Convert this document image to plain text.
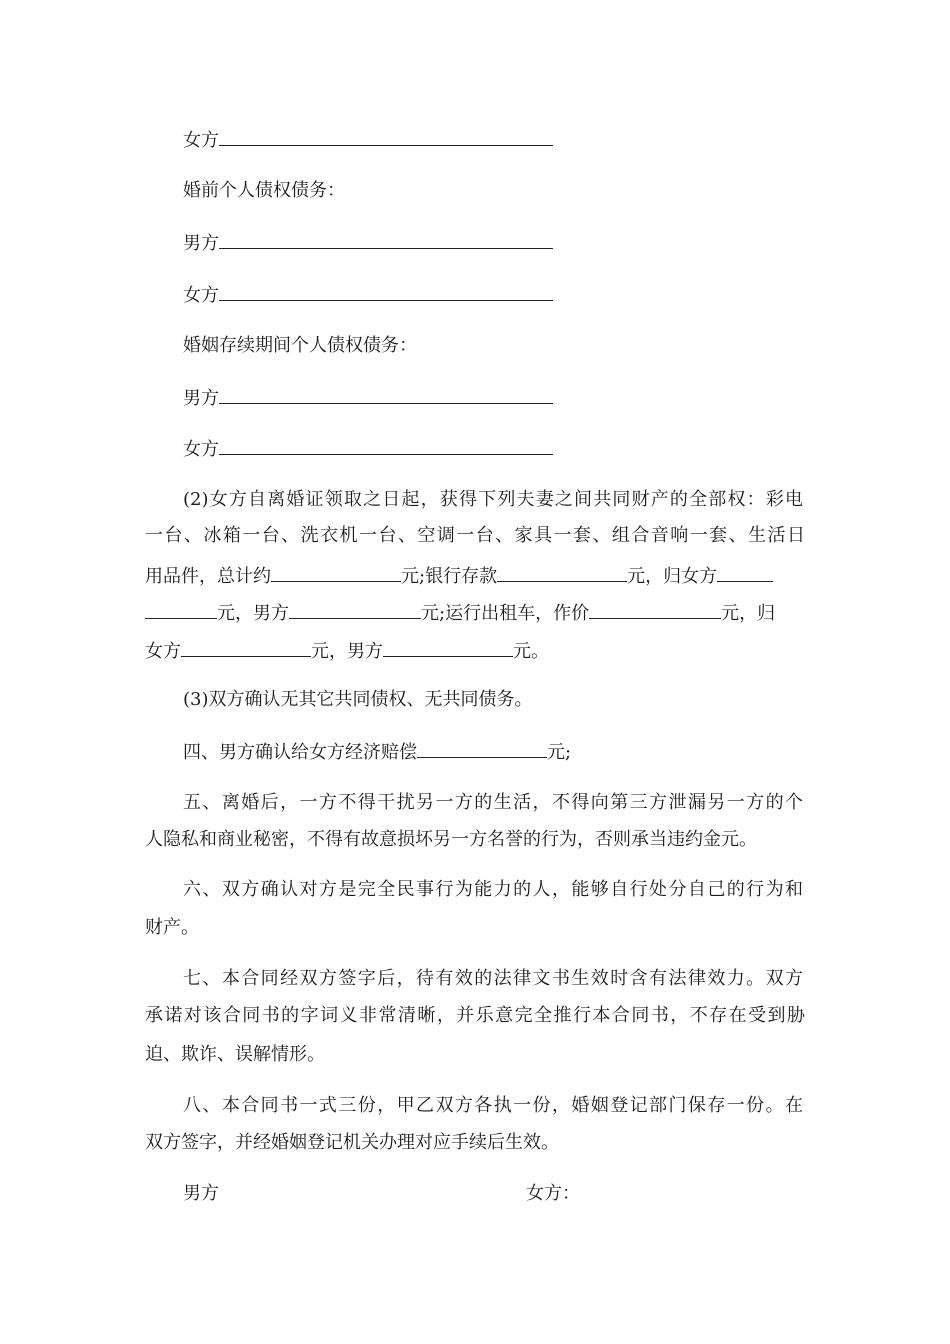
女方
婚前个人债权债务：
男方
女方
婚姻存续期间个人债权债务：
男方
女方
(2)女方自离婚证领取之日起，获得下列夫妻之间共同财产的全部权：彩电
一台、冰箱一台、洗衣机一台、空调一台、家具一套、组合音响一套、生活日
用品件，总计约	元;银行存款	元，归女方
元，男方	元;运行出租车，作价	元，归
女方	元，男方	元。
(3)双方确认无其它共同债权、无共同债务。
四、男方确认给女方经济赔偿	元;
五、离婚后，一方不得干扰另一方的生活，不得向第三方泄漏另一方的个
人隐私和商业秘密，不得有故意损坏另一方名誉的行为，否则承当违约金元。
六、双方确认对方是完全民事行为能力的人，能够自行处分自己的行为和
财产。
七、本合同经双方签字后，待有效的法律文书生效时含有法律效力。双方
承诺对该合同书的字词义非常清晰，并乐意完全推行本合同书，不存在受到胁
迫、欺诈、误解情形。
八、本合同书一式三份，甲乙双方各执一份，婚姻登记部门保存一份。在
双方签字，并经婚姻登记机关办理对应手续后生效。
男方	女方：
